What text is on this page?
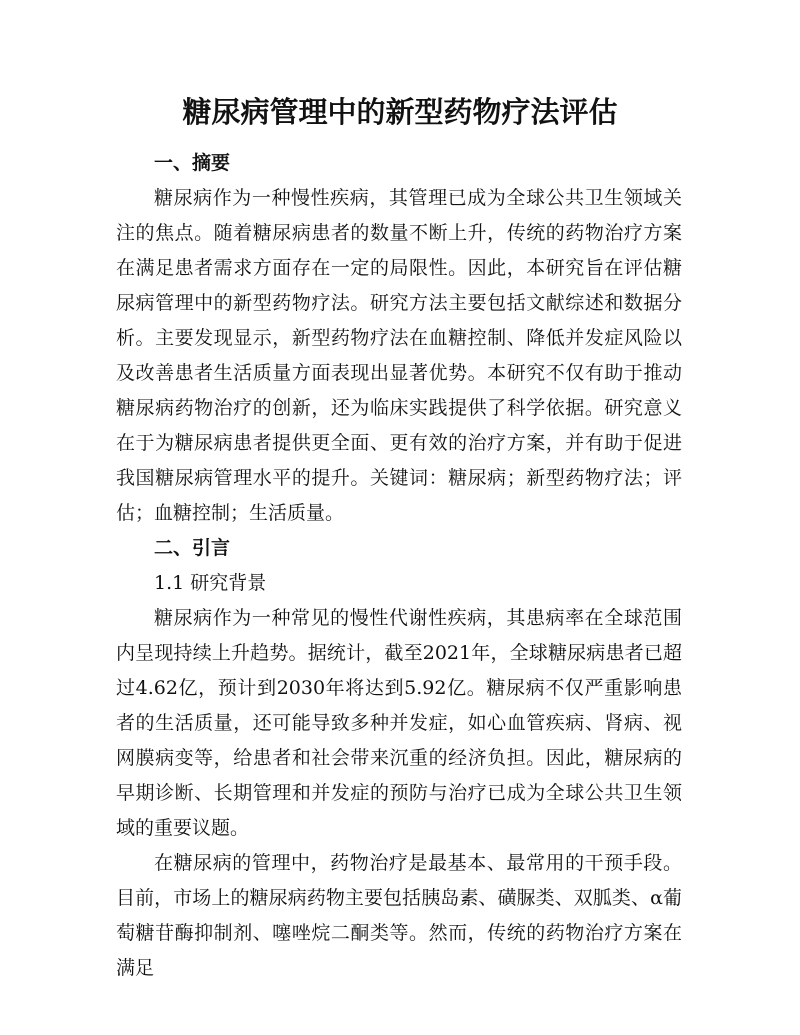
糖尿病管理中的新型药物疗法评估

一、摘要

糖尿病作为一种慢性疾病，其管理已成为全球公共卫生领域关注的焦点。随着糖尿病患者的数量不断上升，传统的药物治疗方案在满足患者需求方面存在一定的局限性。因此，本研究旨在评估糖尿病管理中的新型药物疗法。研究方法主要包括文献综述和数据分析。主要发现显示，新型药物疗法在血糖控制、降低并发症风险以及改善患者生活质量方面表现出显著优势。本研究不仅有助于推动糖尿病药物治疗的创新，还为临床实践提供了科学依据。研究意义在于为糖尿病患者提供更全面、更有效的治疗方案，并有助于促进我国糖尿病管理水平的提升。关键词：糖尿病；新型药物疗法；评估；血糖控制；生活质量。

二、引言

1.1 研究背景

糖尿病作为一种常见的慢性代谢性疾病，其患病率在全球范围内呈现持续上升趋势。据统计，截至2021年，全球糖尿病患者已超过4.62亿，预计到2030年将达到5.92亿。糖尿病不仅严重影响患者的生活质量，还可能导致多种并发症，如心血管疾病、肾病、视网膜病变等，给患者和社会带来沉重的经济负担。因此，糖尿病的早期诊断、长期管理和并发症的预防与治疗已成为全球公共卫生领域的重要议题。

在糖尿病的管理中，药物治疗是最基本、最常用的干预手段。目前，市场上的糖尿病药物主要包括胰岛素、磺脲类、双胍类、α葡萄糖苷酶抑制剂、噻唑烷二酮类等。然而，传统的药物治疗方案在满足
